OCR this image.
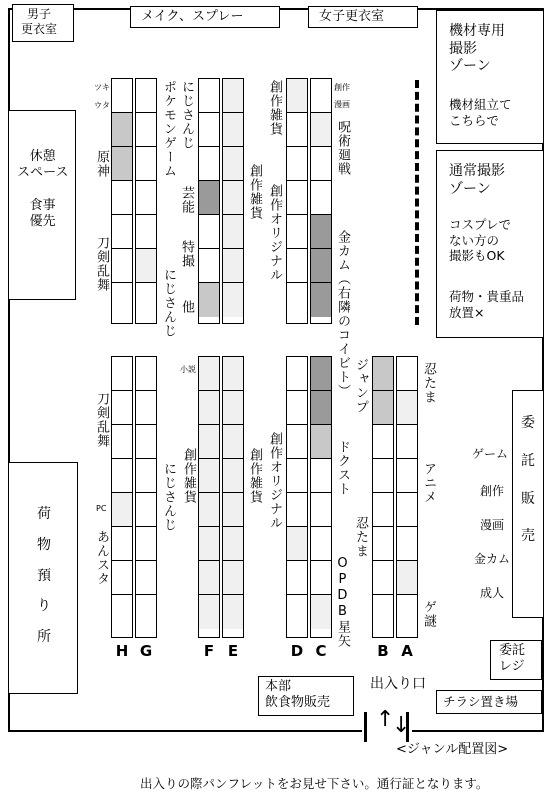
男子
更衣室
メイク、スプレー	女子更衣室
機材専用
撮影
ゾーン
機材組立て
こちらで
通常撮影
ゾーン
コスプレで
ない方の
撮影もOK
荷物・貴重品
放置×
委
託
販
売
ゲーム
創作
漫画
金カム
成人
委託
レジ
チラシ置き場
休憩
スペース

食事
優先
荷
物
預
り
所
本部
飲食物販売
出入り口
↑
↓
<ジャンル配置図>
出入りの際パンフレットをお見せ下さい。通行証となります。
H G	F E	D C	B A
ツキ
ウタ
原神
刀剣乱舞
ポケモンゲーム にじさんじ
芸能
特撮
他
にじさんじ
創作雑貨
創作雑貨
創作オリジナル
創作
漫画
呪術廻戦
金カム（右隣のコイビト）
刀剣乱舞
PC
あんスタ
にじさんじ
小説
創作雑貨	創作雑貨 創作オリジナル
ジャンプ
ドクスト
忍たま
OPDB星矢
忍たま
アニメ
ゲ謎
